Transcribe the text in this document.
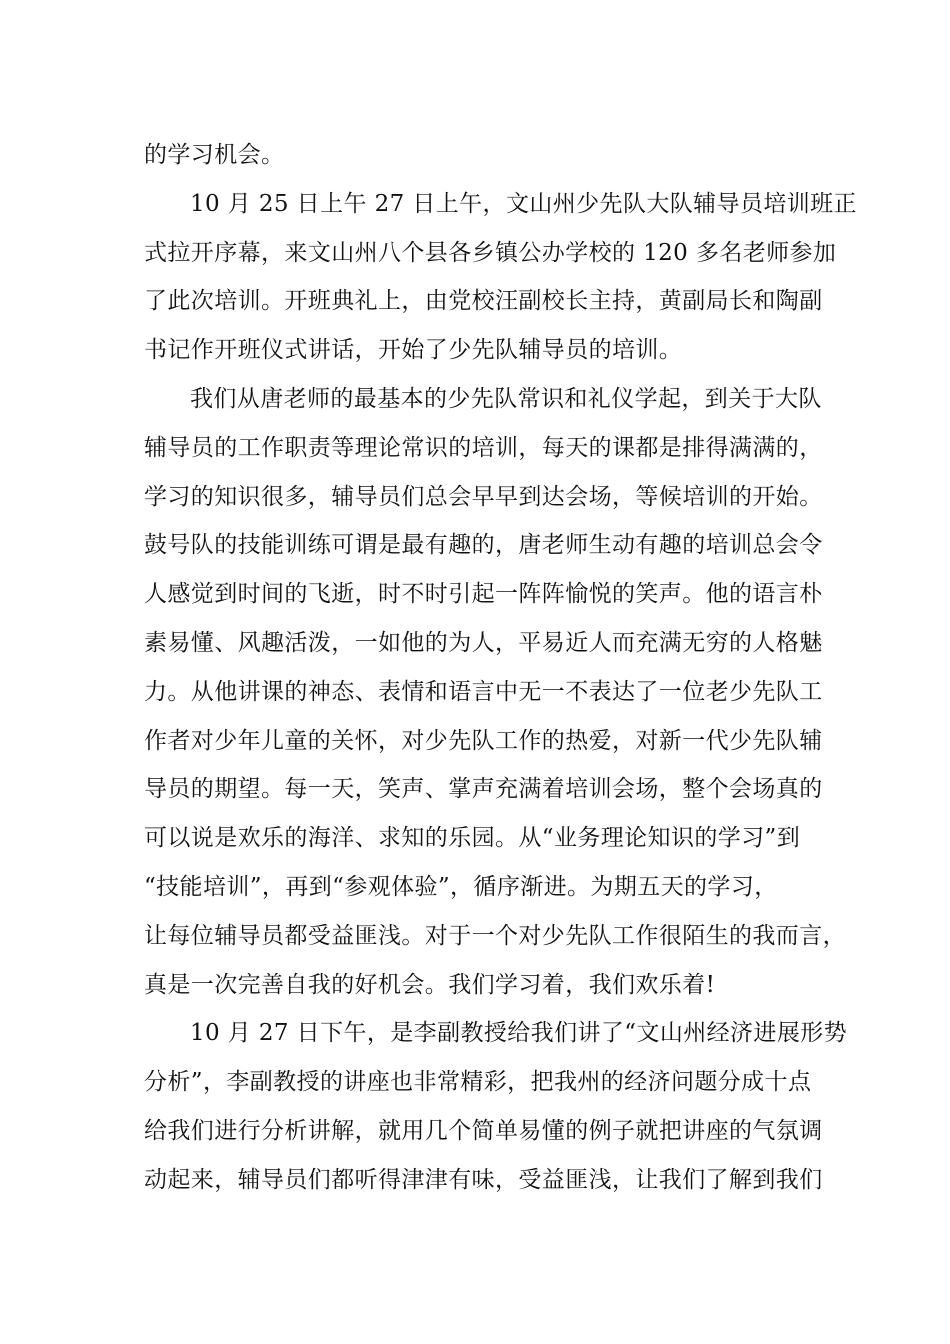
的学习机会。
10 月 25 日上午 27 日上午，文山州少先队大队辅导员培训班正
式拉开序幕，来文山州八个县各乡镇公办学校的 120 多名老师参加
了此次培训。开班典礼上，由党校汪副校长主持，黄副局长和陶副
书记作开班仪式讲话，开始了少先队辅导员的培训。
我们从唐老师的最基本的少先队常识和礼仪学起，到关于大队
辅导员的工作职责等理论常识的培训，每天的课都是排得满满的，
学习的知识很多，辅导员们总会早早到达会场，等候培训的开始。
鼓号队的技能训练可谓是最有趣的，唐老师生动有趣的培训总会令
人感觉到时间的飞逝，时不时引起一阵阵愉悦的笑声。他的语言朴
素易懂、风趣活泼，一如他的为人，平易近人而充满无穷的人格魅
力。从他讲课的神态、表情和语言中无一不表达了一位老少先队工
作者对少年儿童的关怀，对少先队工作的热爱，对新一代少先队辅
导员的期望。每一天，笑声、掌声充满着培训会场，整个会场真的
可以说是欢乐的海洋、求知的乐园。从“业务理论知识的学习”到
“技能培训”，再到“参观体验”，循序渐进。为期五天的学习，
让每位辅导员都受益匪浅。对于一个对少先队工作很陌生的我而言，
真是一次完善自我的好机会。我们学习着，我们欢乐着!
10 月 27 日下午，是李副教授给我们讲了“文山州经济进展形势
分析”，李副教授的讲座也非常精彩，把我州的经济问题分成十点
给我们进行分析讲解，就用几个简单易懂的例子就把讲座的气氛调
动起来，辅导员们都听得津津有味，受益匪浅，让我们了解到我们
